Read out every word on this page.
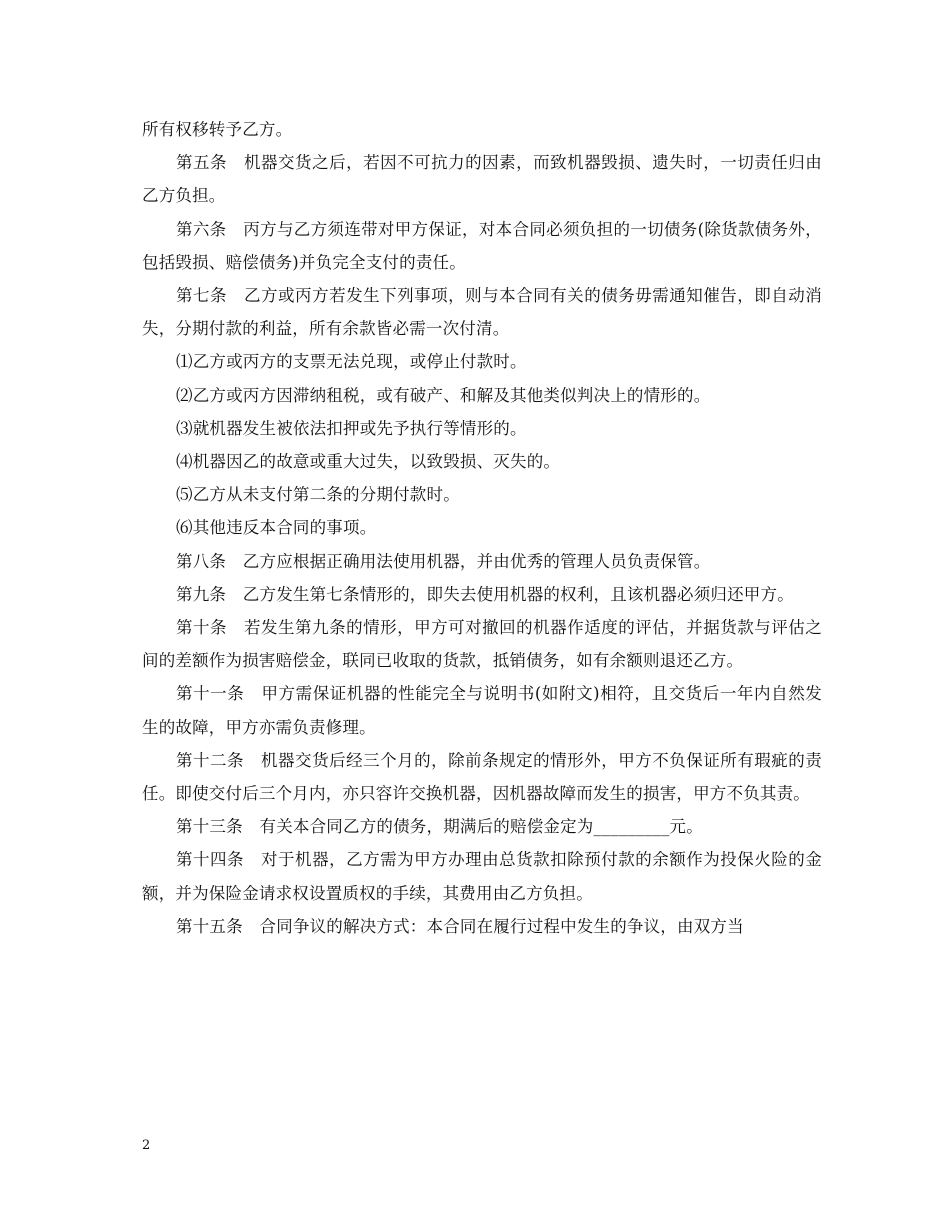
所有权移转予乙方。

第五条　机器交货之后，若因不可抗力的因素，而致机器毁损、遗失时，一切责任归由乙方负担。

第六条　丙方与乙方须连带对甲方保证，对本合同必须负担的一切债务(除货款债务外，包括毁损、赔偿债务)并负完全支付的责任。

第七条　乙方或丙方若发生下列事项，则与本合同有关的债务毋需通知催告，即自动消失，分期付款的利益，所有余款皆必需一次付清。

⑴乙方或丙方的支票无法兑现，或停止付款时。

⑵乙方或丙方因滞纳租税，或有破产、和解及其他类似判决上的情形的。

⑶就机器发生被依法扣押或先予执行等情形的。

⑷机器因乙的故意或重大过失，以致毁损、灭失的。

⑸乙方从未支付第二条的分期付款时。

⑹其他违反本合同的事项。

第八条　乙方应根据正确用法使用机器，并由优秀的管理人员负责保管。

第九条　乙方发生第七条情形的，即失去使用机器的权利，且该机器必须归还甲方。

第十条　若发生第九条的情形，甲方可对撤回的机器作适度的评估，并据货款与评估之间的差额作为损害赔偿金，联同已收取的货款，抵销债务，如有余额则退还乙方。

第十一条　甲方需保证机器的性能完全与说明书(如附文)相符，且交货后一年内自然发生的故障，甲方亦需负责修理。

第十二条　机器交货后经三个月的，除前条规定的情形外，甲方不负保证所有瑕疵的责任。即使交付后三个月内，亦只容许交换机器，因机器故障而发生的损害，甲方不负其责。

第十三条　有关本合同乙方的债务，期满后的赔偿金定为_________元。

第十四条　对于机器，乙方需为甲方办理由总货款扣除预付款的余额作为投保火险的金额，并为保险金请求权设置质权的手续，其费用由乙方负担。

第十五条　合同争议的解决方式：本合同在履行过程中发生的争议，由双方当

2
